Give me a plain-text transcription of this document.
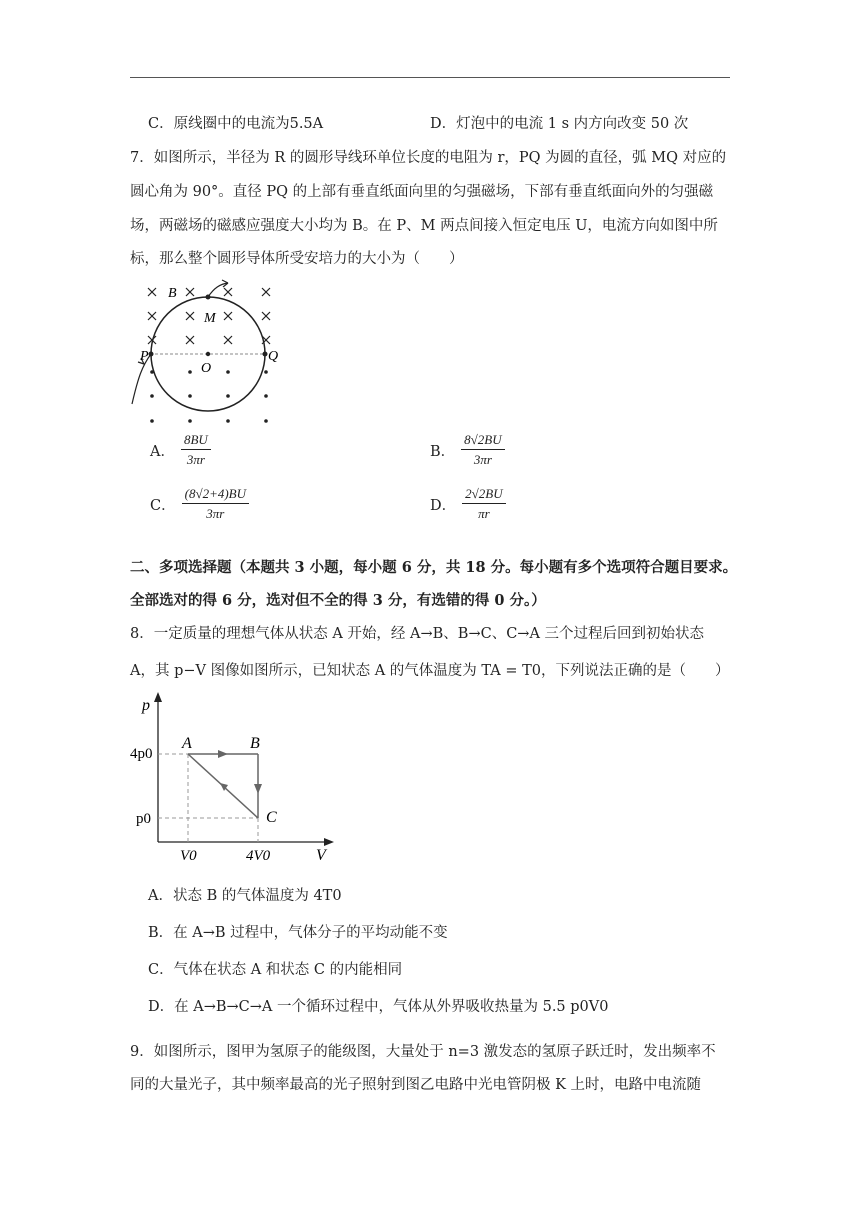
C．原线圈中的电流为5.5A	D．灯泡中的电流 1 s 内方向改变 50 次
7．如图所示，半径为 R 的圆形导线环单位长度的电阻为 r，PQ 为圆的直径，弧 MQ 对应的
圆心角为 90°。直径 PQ 的上部有垂直纸面向里的匀强磁场，下部有垂直纸面向外的匀强磁
场，两磁场的磁感应强度大小均为 B。在 P、M 两点间接入恒定电压 U，电流方向如图中所
标，那么整个圆形导体所受安培力的大小为（　　）
B
M
O
P	Q
A． $\frac{8BU}{3\pi r}$	B． $\frac{8√2BU}{3\pi r}$
C． $\frac{(8√2+4)BU}{3\pi r}$	D． $\frac{2√2BU}{\pi r}$
二、多项选择题（本题共 3 小题，每小题 6 分，共 18 分。每小题有多个选项符合题目要求。
全部选对的得 6 分，选对但不全的得 3 分，有选错的得 0 分。）
8．一定质量的理想气体从状态 A 开始，经 A→B、B→C、C→A 三个过程后回到初始状态
A，其 p−V 图像如图所示，已知状态 A 的气体温度为 TA = T0，下列说法正确的是（　　）
p
V
4p0
p0
V0	4V0
A	B
C
A．状态 B 的气体温度为 4T0
B．在 A→B 过程中，气体分子的平均动能不变
C．气体在状态 A 和状态 C 的内能相同
D．在 A→B→C→A 一个循环过程中，气体从外界吸收热量为 5.5 p0V0
9．如图所示，图甲为氢原子的能级图，大量处于 n=3 激发态的氢原子跃迁时，发出频率不
同的大量光子，其中频率最高的光子照射到图乙电路中光电管阴极 K 上时，电路中电流随
